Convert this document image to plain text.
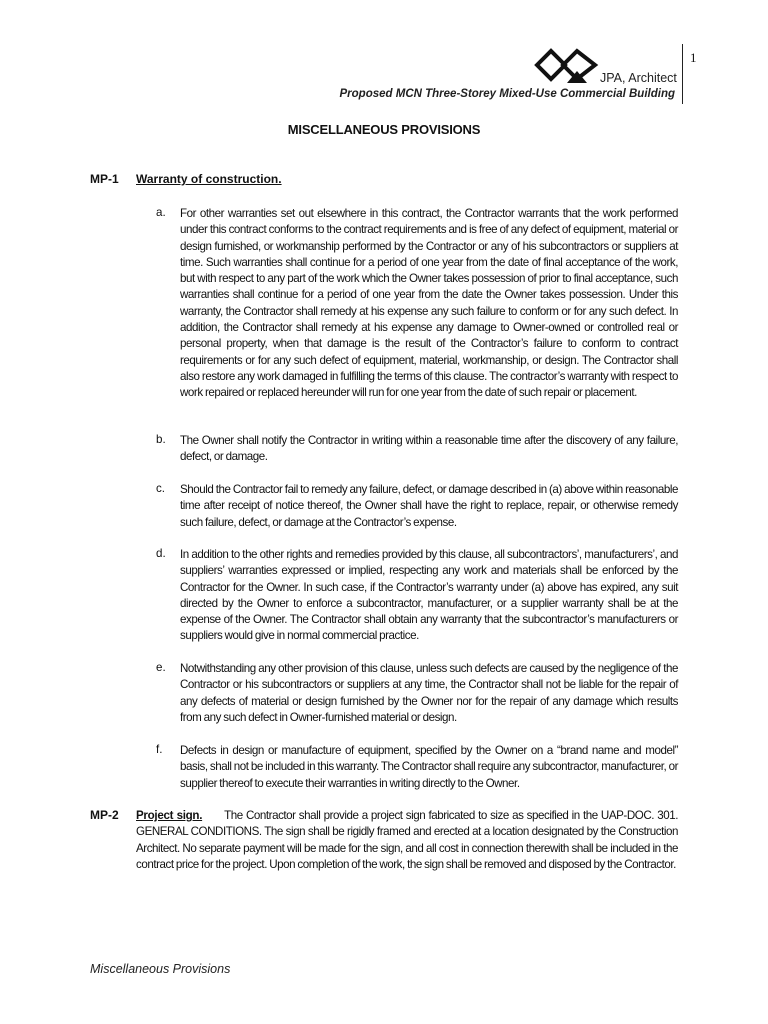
1
JPA, Architect
Proposed MCN Three-Storey Mixed-Use Commercial Building
MISCELLANEOUS PROVISIONS
MP-1 Warranty of construction.
a. For other warranties set out elsewhere in this contract, the Contractor warrants that the work performed under this contract conforms to the contract requirements and is free of any defect of equipment, material or design furnished, or workmanship performed by the Contractor or any of his subcontractors or suppliers at time. Such warranties shall continue for a period of one year from the date of final acceptance of the work, but with respect to any part of the work which the Owner takes possession of prior to final acceptance, such warranties shall continue for a period of one year from the date the Owner takes possession. Under this warranty, the Contractor shall remedy at his expense any such failure to conform or for any such defect. In addition, the Contractor shall remedy at his expense any damage to Owner-owned or controlled real or personal property, when that damage is the result of the Contractor’s failure to conform to contract requirements or for any such defect of equipment, material, workmanship, or design. The Contractor shall also restore any work damaged in fulfilling the terms of this clause. The contractor’s warranty with respect to work repaired or replaced hereunder will run for one year from the date of such repair or placement.
b. The Owner shall notify the Contractor in writing within a reasonable time after the discovery of any failure, defect, or damage.
c. Should the Contractor fail to remedy any failure, defect, or damage described in (a) above within reasonable time after receipt of notice thereof, the Owner shall have the right to replace, repair, or otherwise remedy such failure, defect, or damage at the Contractor’s expense.
d. In addition to the other rights and remedies provided by this clause, all subcontractors’, manufacturers’, and suppliers’ warranties expressed or implied, respecting any work and materials shall be enforced by the Contractor for the Owner. In such case, if the Contractor’s warranty under (a) above has expired, any suit directed by the Owner to enforce a subcontractor, manufacturer, or a supplier warranty shall be at the expense of the Owner. The Contractor shall obtain any warranty that the subcontractor’s manufacturers or suppliers would give in normal commercial practice.
e. Notwithstanding any other provision of this clause, unless such defects are caused by the negligence of the Contractor or his subcontractors or suppliers at any time, the Contractor shall not be liable for the repair of any defects of material or design furnished by the Owner nor for the repair of any damage which results from any such defect in Owner-furnished material or design.
f. Defects in design or manufacture of equipment, specified by the Owner on a “brand name and model” basis, shall not be included in this warranty. The Contractor shall require any subcontractor, manufacturer, or supplier thereof to execute their warranties in writing directly to the Owner.
MP-2 Project sign. The Contractor shall provide a project sign fabricated to size as specified in the UAP-DOC. 301. GENERAL CONDITIONS. The sign shall be rigidly framed and erected at a location designated by the Construction Architect. No separate payment will be made for the sign, and all cost in connection therewith shall be included in the contract price for the project. Upon completion of the work, the sign shall be removed and disposed by the Contractor.
Miscellaneous Provisions
